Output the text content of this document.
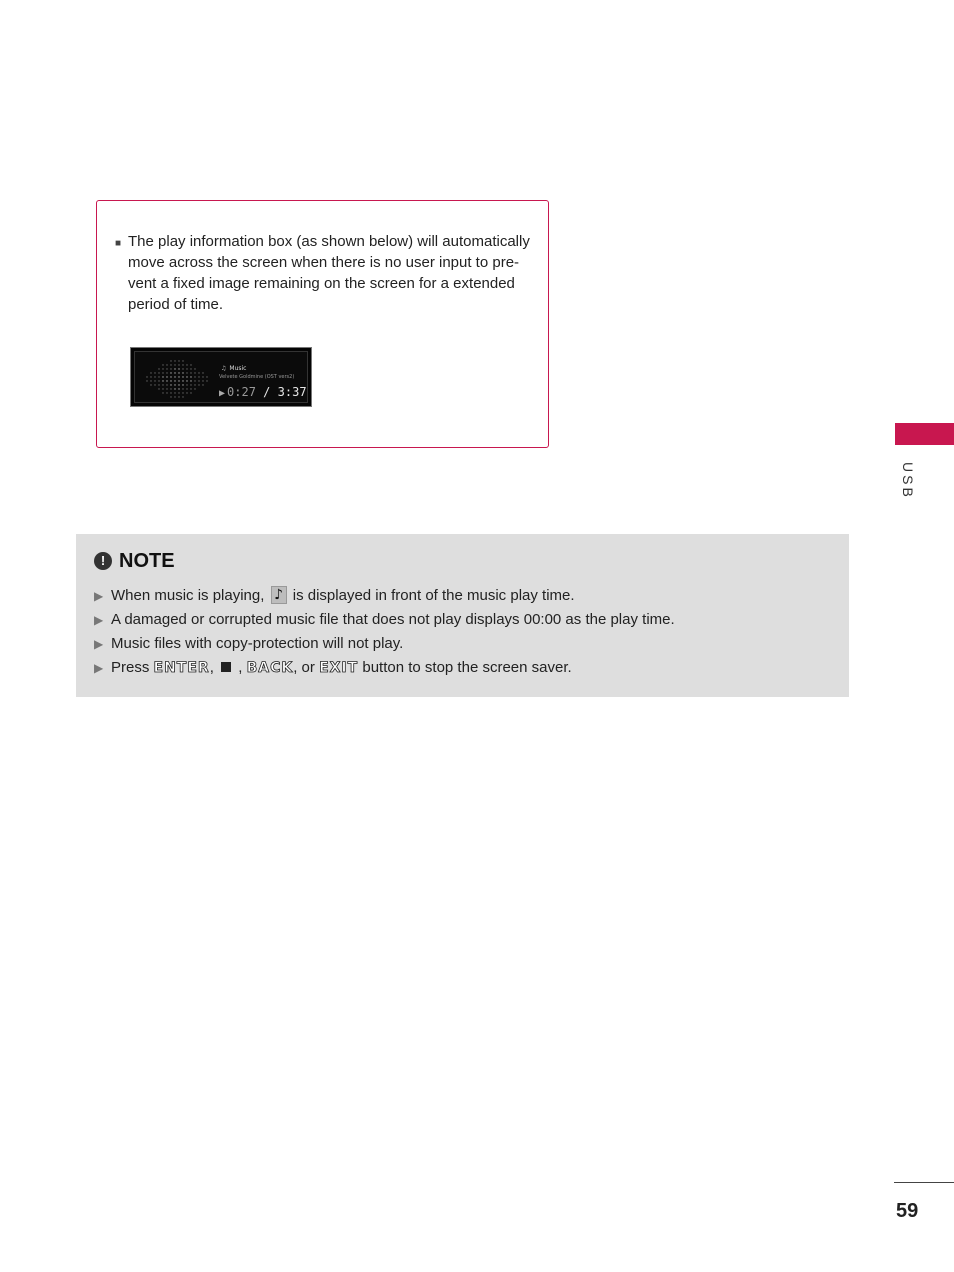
■ The play information box (as shown below) will automatically move across the screen when there is no user input to pre- vent a fixed image remaining on the screen for a extended period of time.
♫ Music
Velvete Goldmine (OST vers2)
▶ 0:27 / 3:37
! NOTE
▶ When music is playing, ♪ is displayed in front of the music play time.
▶ A damaged or corrupted music file that does not play displays 00:00 as the play time.
▶ Music files with copy-protection will not play.
▶ Press ENTER, , BACK, or EXIT button to stop the screen saver.
USB
59
